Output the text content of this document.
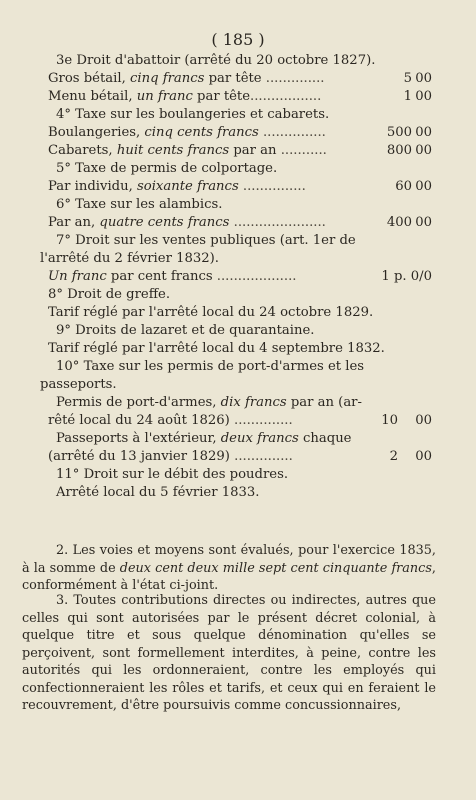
( 185 )
3e Droit d'abattoir (arrêté du 20 octobre 1827).
Gros bétail, cinq francs par tête ..............	5 00
Menu bétail, un franc par tête.................	1 00
4° Taxe sur les boulangeries et cabarets.
Boulangeries, cinq cents francs ...............	500 00
Cabarets, huit cents francs par an ...........	800 00
5° Taxe de permis de colportage.
Par individu, soixante francs ...............	60 00
6° Taxe sur les alambics.
Par an, quatre cents francs ......................	400 00
7° Droit sur les ventes publiques (art. 1er de
l'arrêté du 2 février 1832).
Un franc par cent francs ...................	1 p. 0/0
8° Droit de greffe.
Tarif réglé par l'arrêté local du 24 octobre 1829.
9° Droits de lazaret et de quarantaine.
Tarif réglé par l'arrêté local du 4 septembre 1832.
10° Taxe sur les permis de port-d'armes et les
passeports.
Permis de port-d'armes, dix francs par an (ar-
rêté local du 24 août 1826) ..............	10	00
Passeports à l'extérieur, deux francs chaque
(arrêté du 13 janvier 1829) ..............	2	00
11° Droit sur le débit des poudres.
Arrêté local du 5 février 1833.

2. Les voies et moyens sont évalués, pour l'exercice 1835, à la somme de deux cent deux mille sept cent cinquante francs, conformément à l'état ci-joint.

3. Toutes contributions directes ou indirectes, autres que celles qui sont autorisées par le présent décret colonial, à quelque titre et sous quelque dénomination qu'elles se perçoivent, sont formellement interdites, à peine, contre les autorités qui les ordonneraient, contre les employés qui confectionneraient les rôles et tarifs, et ceux qui en feraient le recouvrement, d'être poursuivis comme concussionnaires,
